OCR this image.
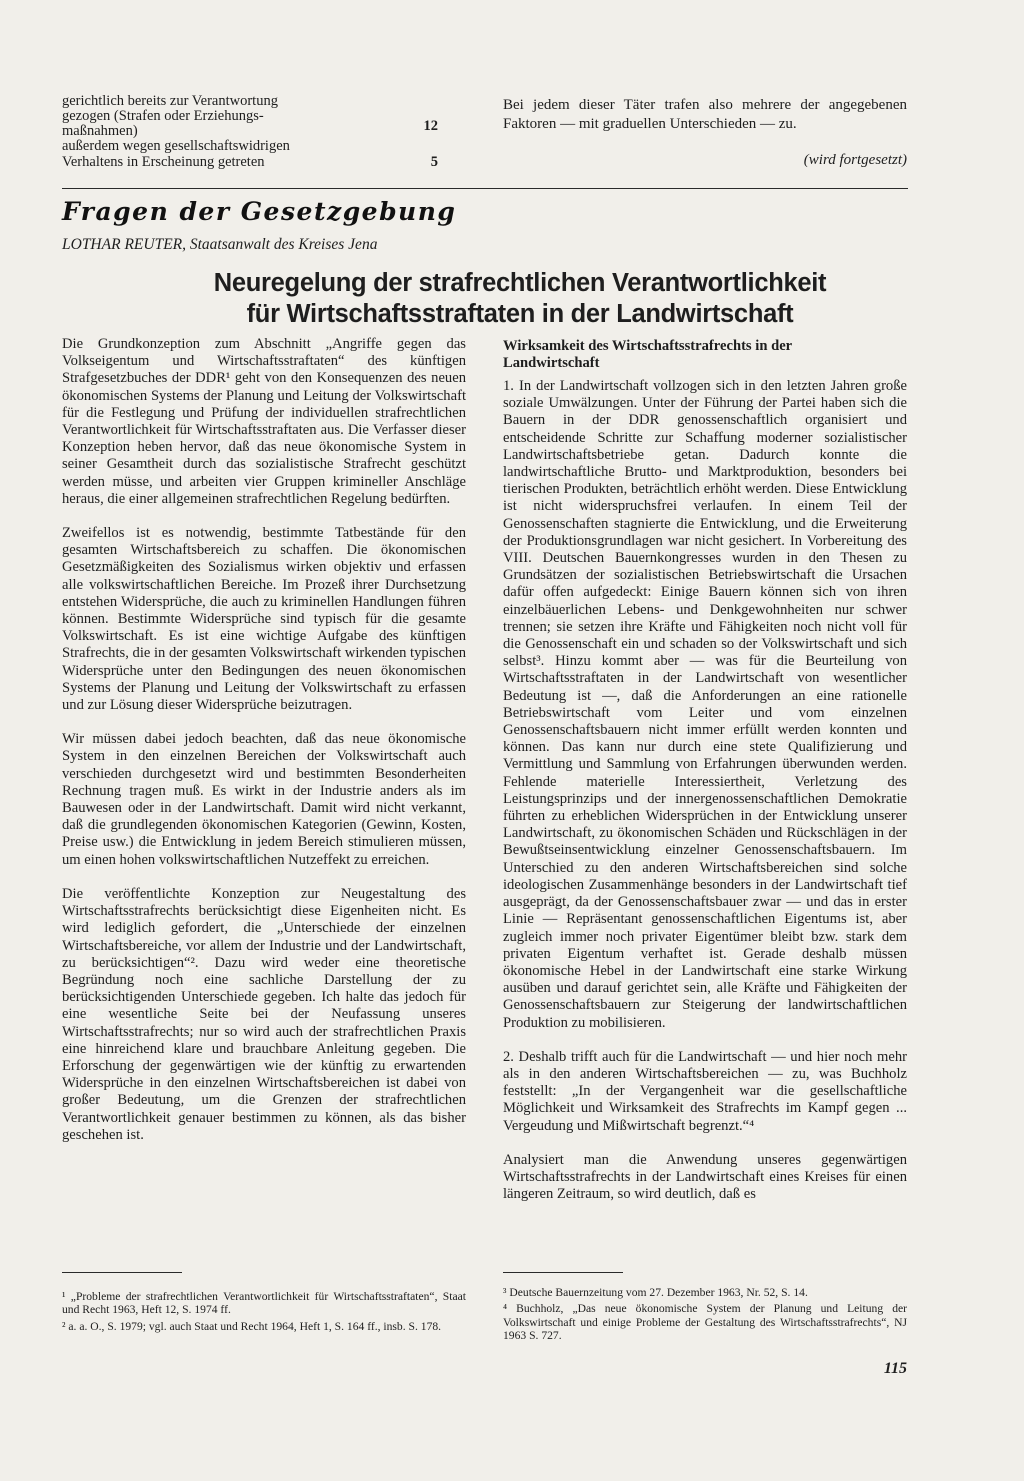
gerichtlich bereits zur Verantwortung
gezogen (Strafen oder Erziehungs-
maßnahmen)	12
außerdem wegen gesellschaftswidrigen
Verhaltens in Erscheinung getreten	5
Bei jedem dieser Täter trafen also mehrere der angegebenen Faktoren — mit graduellen Unterschieden — zu.
(wird fortgesetzt)
Fragen der Gesetzgebung
LOTHAR REUTER, Staatsanwalt des Kreises Jena
Neuregelung der strafrechtlichen Verantwortlichkeit
für Wirtschaftsstraftaten in der Landwirtschaft

Die Grundkonzeption zum Abschnitt „Angriffe gegen das Volkseigentum und Wirtschaftsstraftaten“ des künftigen Strafgesetzbuches der DDR¹ geht von den Konsequenzen des neuen ökonomischen Systems der Planung und Leitung der Volkswirtschaft für die Festlegung und Prüfung der individuellen strafrechtlichen Verantwortlichkeit für Wirtschaftsstraftaten aus. Die Verfasser dieser Konzeption heben hervor, daß das neue ökonomische System in seiner Gesamtheit durch das sozialistische Strafrecht geschützt werden müsse, und arbeiten vier Gruppen krimineller Anschläge heraus, die einer allgemeinen strafrechtlichen Regelung bedürften.

Zweifellos ist es notwendig, bestimmte Tatbestände für den gesamten Wirtschaftsbereich zu schaffen. Die ökonomischen Gesetzmäßigkeiten des Sozialismus wirken objektiv und erfassen alle volkswirtschaftlichen Bereiche. Im Prozeß ihrer Durchsetzung entstehen Widersprüche, die auch zu kriminellen Handlungen führen können. Bestimmte Widersprüche sind typisch für die gesamte Volkswirtschaft. Es ist eine wichtige Aufgabe des künftigen Strafrechts, die in der gesamten Volkswirtschaft wirkenden typischen Widersprüche unter den Bedingungen des neuen ökonomischen Systems der Planung und Leitung der Volkswirtschaft zu erfassen und zur Lösung dieser Widersprüche beizutragen.

Wir müssen dabei jedoch beachten, daß das neue ökonomische System in den einzelnen Bereichen der Volkswirtschaft auch verschieden durchgesetzt wird und bestimmten Besonderheiten Rechnung tragen muß. Es wirkt in der Industrie anders als im Bauwesen oder in der Landwirtschaft. Damit wird nicht verkannt, daß die grundlegenden ökonomischen Kategorien (Gewinn, Kosten, Preise usw.) die Entwicklung in jedem Bereich stimulieren müssen, um einen hohen volkswirtschaftlichen Nutzeffekt zu erreichen.

Die veröffentlichte Konzeption zur Neugestaltung des Wirtschaftsstrafrechts berücksichtigt diese Eigenheiten nicht. Es wird lediglich gefordert, die „Unterschiede der einzelnen Wirtschaftsbereiche, vor allem der Industrie und der Landwirtschaft, zu berücksichtigen“². Dazu wird weder eine theoretische Begründung noch eine sachliche Darstellung der zu berücksichtigenden Unterschiede gegeben. Ich halte das jedoch für eine wesentliche Seite bei der Neufassung unseres Wirtschaftsstrafrechts; nur so wird auch der strafrechtlichen Praxis eine hinreichend klare und brauchbare Anleitung gegeben. Die Erforschung der gegenwärtigen wie der künftig zu erwartenden Widersprüche in den einzelnen Wirtschaftsbereichen ist dabei von großer Bedeutung, um die Grenzen der strafrechtlichen Verantwortlichkeit genauer bestimmen zu können, als das bisher geschehen ist.

Wirksamkeit des Wirtschaftsstrafrechts in der Landwirtschaft

1. In der Landwirtschaft vollzogen sich in den letzten Jahren große soziale Umwälzungen. Unter der Führung der Partei haben sich die Bauern in der DDR genossenschaftlich organisiert und entscheidende Schritte zur Schaffung moderner sozialistischer Landwirtschaftsbetriebe getan. Dadurch konnte die landwirtschaftliche Brutto- und Marktproduktion, besonders bei tierischen Produkten, beträchtlich erhöht werden. Diese Entwicklung ist nicht widerspruchsfrei verlaufen. In einem Teil der Genossenschaften stagnierte die Entwicklung, und die Erweiterung der Produktionsgrundlagen war nicht gesichert. In Vorbereitung des VIII. Deutschen Bauernkongresses wurden in den Thesen zu Grundsätzen der sozialistischen Betriebswirtschaft die Ursachen dafür offen aufgedeckt: Einige Bauern können sich von ihren einzelbäuerlichen Lebens- und Denkgewohnheiten nur schwer trennen; sie setzen ihre Kräfte und Fähigkeiten noch nicht voll für die Genossenschaft ein und schaden so der Volkswirtschaft und sich selbst³. Hinzu kommt aber — was für die Beurteilung von Wirtschaftsstraftaten in der Landwirtschaft von wesentlicher Bedeutung ist —, daß die Anforderungen an eine rationelle Betriebswirtschaft vom Leiter und vom einzelnen Genossenschaftsbauern nicht immer erfüllt werden konnten und können. Das kann nur durch eine stete Qualifizierung und Vermittlung und Sammlung von Erfahrungen überwunden werden. Fehlende materielle Interessiertheit, Verletzung des Leistungsprinzips und der innergenossenschaftlichen Demokratie führten zu erheblichen Widersprüchen in der Entwicklung unserer Landwirtschaft, zu ökonomischen Schäden und Rückschlägen in der Bewußtseinsentwicklung einzelner Genossenschaftsbauern. Im Unterschied zu den anderen Wirtschaftsbereichen sind solche ideologischen Zusammenhänge besonders in der Landwirtschaft tief ausgeprägt, da der Genossenschaftsbauer zwar — und das in erster Linie — Repräsentant genossenschaftlichen Eigentums ist, aber zugleich immer noch privater Eigentümer bleibt bzw. stark dem privaten Eigentum verhaftet ist. Gerade deshalb müssen ökonomische Hebel in der Landwirtschaft eine starke Wirkung ausüben und darauf gerichtet sein, alle Kräfte und Fähigkeiten der Genossenschaftsbauern zur Steigerung der landwirtschaftlichen Produktion zu mobilisieren.

2. Deshalb trifft auch für die Landwirtschaft — und hier noch mehr als in den anderen Wirtschaftsbereichen — zu, was Buchholz feststellt: „In der Vergangenheit war die gesellschaftliche Möglichkeit und Wirksamkeit des Strafrechts im Kampf gegen ... Vergeudung und Mißwirtschaft begrenzt.“⁴

Analysiert man die Anwendung unseres gegenwärtigen Wirtschaftsstrafrechts in der Landwirtschaft eines Kreises für einen längeren Zeitraum, so wird deutlich, daß es

¹ „Probleme der strafrechtlichen Verantwortlichkeit für Wirtschaftsstraftaten“, Staat und Recht 1963, Heft 12, S. 1974 ff.

² a. a. O., S. 1979; vgl. auch Staat und Recht 1964, Heft 1, S. 164 ff., insb. S. 178.

³ Deutsche Bauernzeitung vom 27. Dezember 1963, Nr. 52, S. 14.

⁴ Buchholz, „Das neue ökonomische System der Planung und Leitung der Volkswirtschaft und einige Probleme der Gestaltung des Wirtschaftsstrafrechts“, NJ 1963 S. 727.

115
